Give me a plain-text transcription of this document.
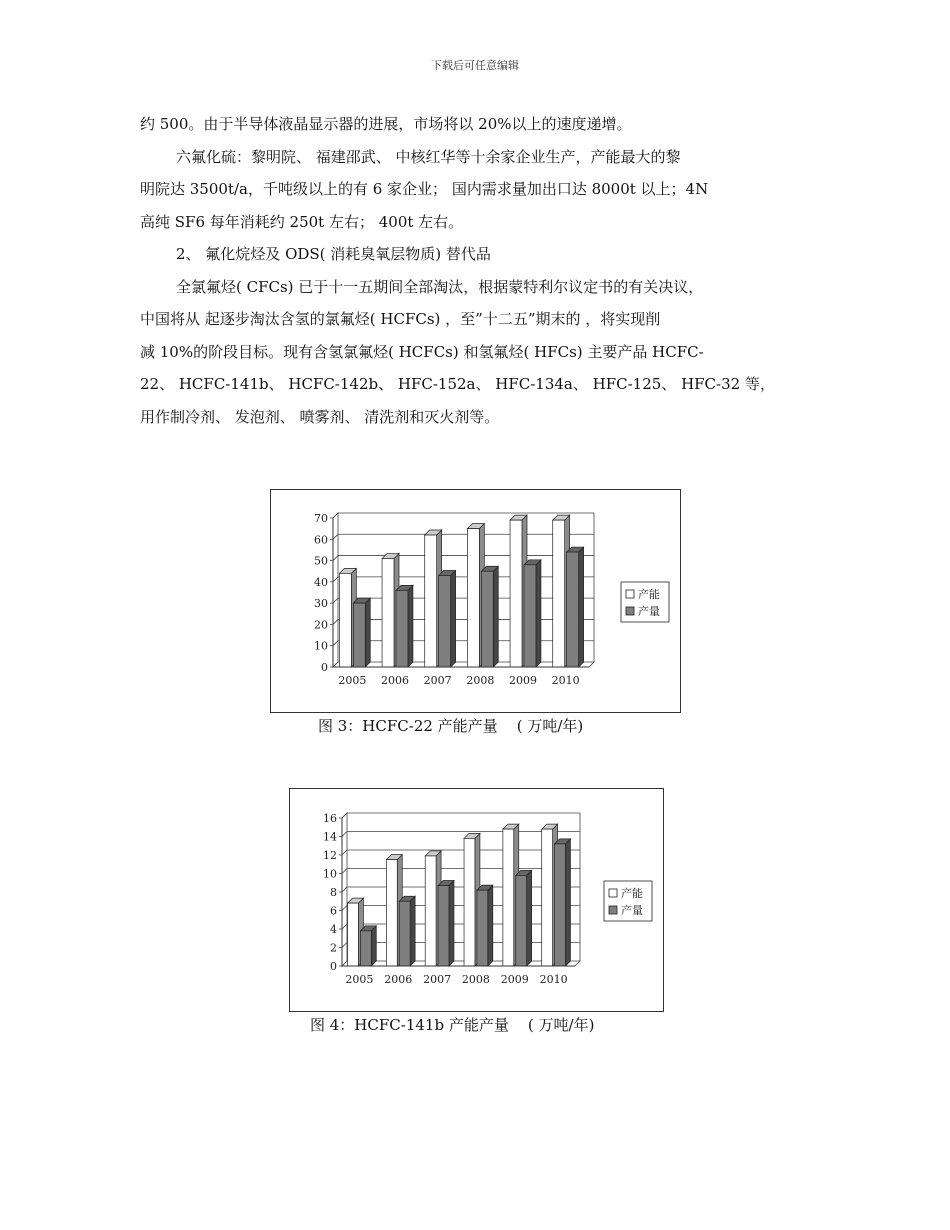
下载后可任意编辑

约 500。由于半导体液晶显示器的进展，市场将以 20%以上的速度递增。

六氟化硫：黎明院、 福建邵武、 中核红华等十余家企业生产，产能最大的黎
明院达 3500t/a，千吨级以上的有 6 家企业； 国内需求量加出口达 8000t 以上；4N
高纯 SF6 每年消耗约 250t 左右； 400t 左右。

2、 氟化烷烃及 ODS( 消耗臭氧层物质) 替代品

全氯氟烃( CFCs) 已于十一五期间全部淘汰，根据蒙特利尔议定书的有关决议，
中国将从 起逐步淘汰含氢的氯氟烃( HCFCs) ，至”十二五”期末的 ，将实现削
减 10%的阶段目标。现有含氢氯氟烃( HCFCs) 和氢氟烃( HFCs) 主要产品 HCFC-
22、 HCFC-141b、 HCFC-142b、 HFC-152a、 HFC-134a、 HFC-125、 HFC-32 等，
用作制冷剂、 发泡剂、 喷雾剂、 清洗剂和灭火剂等。

0
10
20
30
40
50
60
70
2005 2006 2007 2008 2009 2010
产能
产量
图 3：HCFC-22 产能产量    ( 万吨/年)
0
2
4
6
8
10
12
14
16
2005 2006 2007 2008 2009 2010
产能
产量
图 4：HCFC-141b 产能产量    ( 万吨/年)
